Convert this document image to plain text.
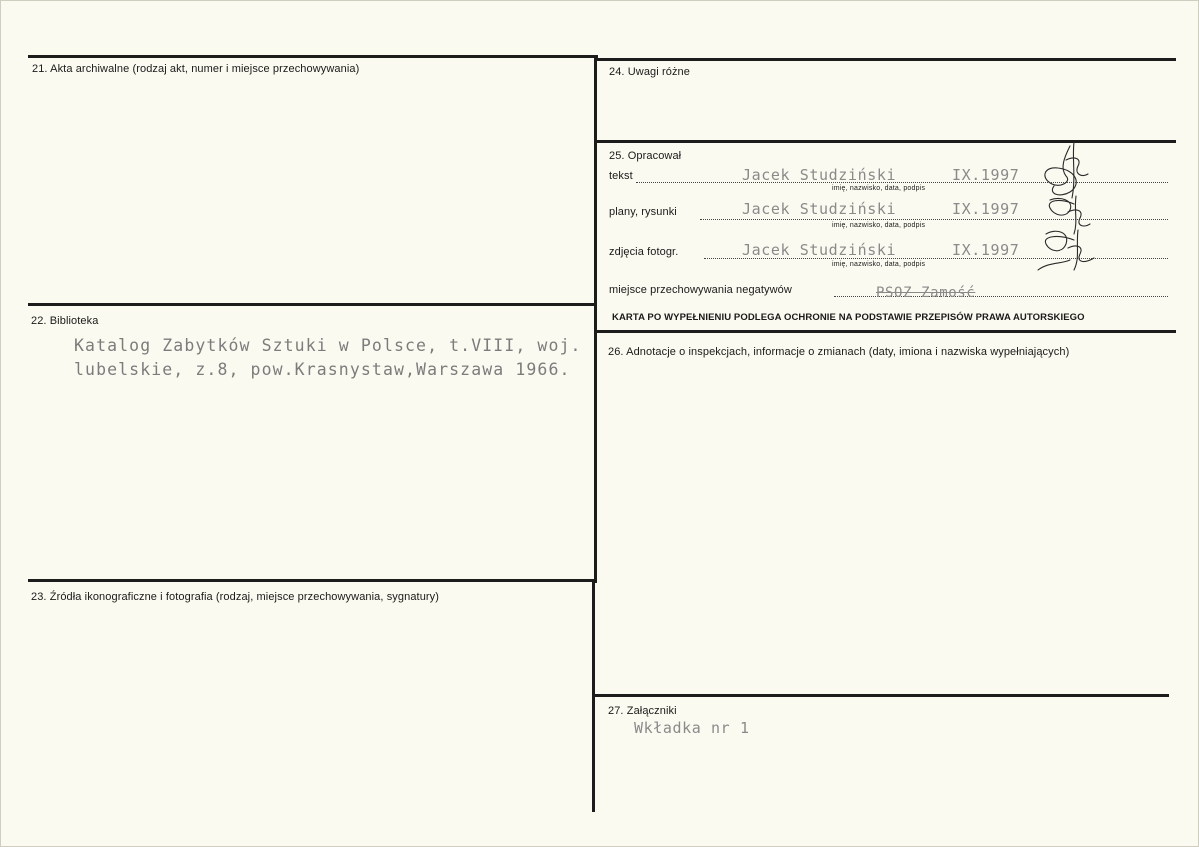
21. Akta archiwalne (rodzaj akt, numer i miejsce przechowywania)
22. Biblioteka
Katalog Zabytków Sztuki w Polsce, t.VIII, woj.
lubelskie, z.8, pow.Krasnystaw,Warszawa 1966.
23. Źródła ikonograficzne i fotografia (rodzaj, miejsce przechowywania, sygnatury)
24. Uwagi różne
25. Opracował
tekst	Jacek Studziński	IX.1997
imię, nazwisko, data, podpis
plany, rysunki	Jacek Studziński	IX.1997
imię, nazwisko, data, podpis
zdjęcia fotogr.	Jacek Studziński	IX.1997
imię, nazwisko, data, podpis
miejsce przechowywania negatywów	PSOZ Zamość
KARTA PO WYPEŁNIENIU PODLEGA OCHRONIE NA PODSTAWIE PRZEPISÓW PRAWA AUTORSKIEGO
26. Adnotacje o inspekcjach, informacje o zmianach (daty, imiona i nazwiska wypełniających)
27. Załączniki
Wkładka nr 1
